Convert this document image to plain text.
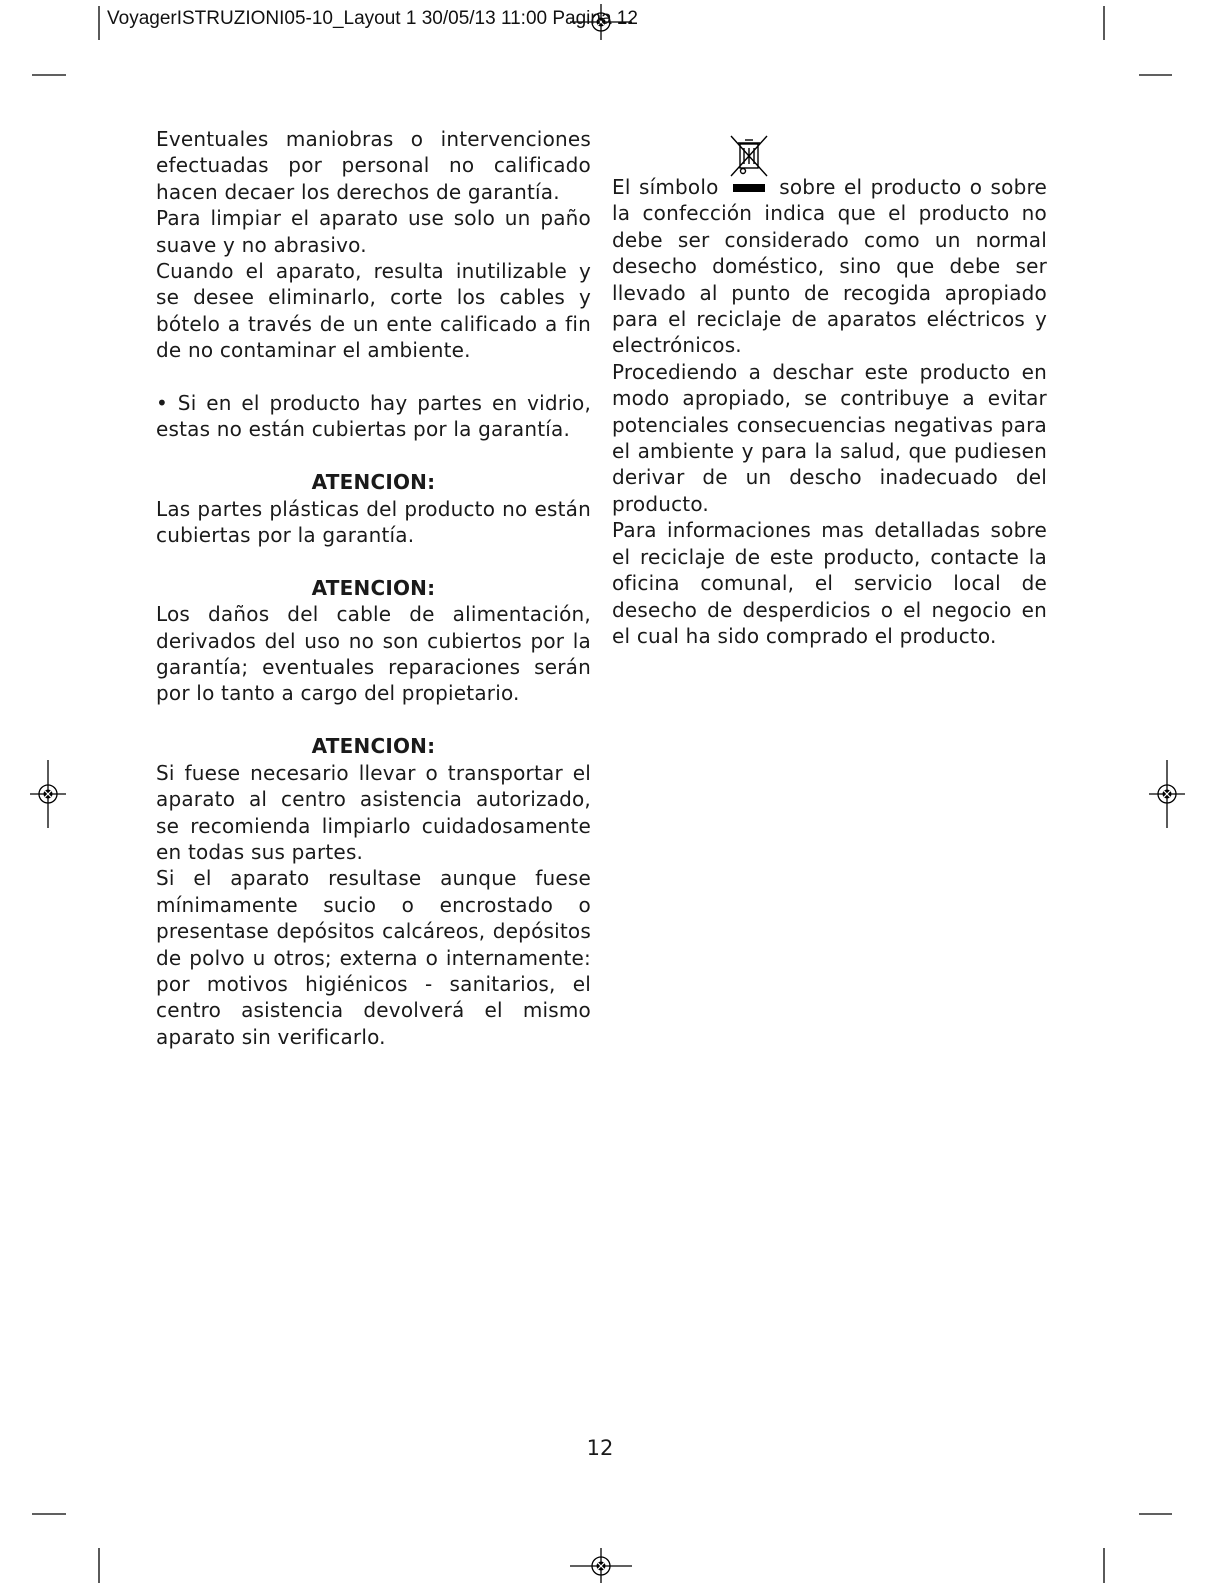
VoyagerISTRUZIONI05-10_Layout 1 30/05/13 11:00 Pagina 12

Eventuales maniobras o intervenciones efectuadas por personal no calificado hacen decaer los derechos de garantía.

Para limpiar el aparato use solo un paño suave y no abrasivo.

Cuando el aparato, resulta inutilizable y se desee eliminarlo, corte los cables y bótelo a través de un ente calificado a fin de no contaminar el ambiente.

• Si en el producto hay partes en vidrio, estas no están cubiertas por la garantía.

ATENCION:

Las partes plásticas del producto no están cubiertas por la garantía.

ATENCION:

Los daños del cable de alimentación, derivados del uso no son cubiertos por la garantía; eventuales reparaciones serán por lo tanto a cargo del propietario.

ATENCION:

Si fuese necesario llevar o transportar el aparato al centro asistencia autorizado, se recomienda limpiarlo cuidadosamente en todas sus partes.

Si el aparato resultase aunque fuese mínimamente sucio o encrostado o presentase depósitos calcáreos, depósitos de polvo u otros; externa o internamente: por motivos higiénicos - sanitarios, el centro asistencia devolverá el mismo aparato sin verificarlo.

El símbolo	sobre el producto o sobre la confección indica que el producto no debe ser considerado como un normal desecho doméstico, sino que debe ser llevado al punto de recogida apropiado para el reciclaje de aparatos eléctricos y electrónicos.

Procediendo a deschar este producto en modo apropiado, se contribuye a evitar potenciales consecuencias negativas para el ambiente y para la salud, que pudiesen derivar de un descho inadecuado del producto.

Para informaciones mas detalladas sobre el reciclaje de este producto, contacte la oficina comunal, el servicio local de desecho de desperdicios o el negocio en el cual ha sido comprado el producto.

12
